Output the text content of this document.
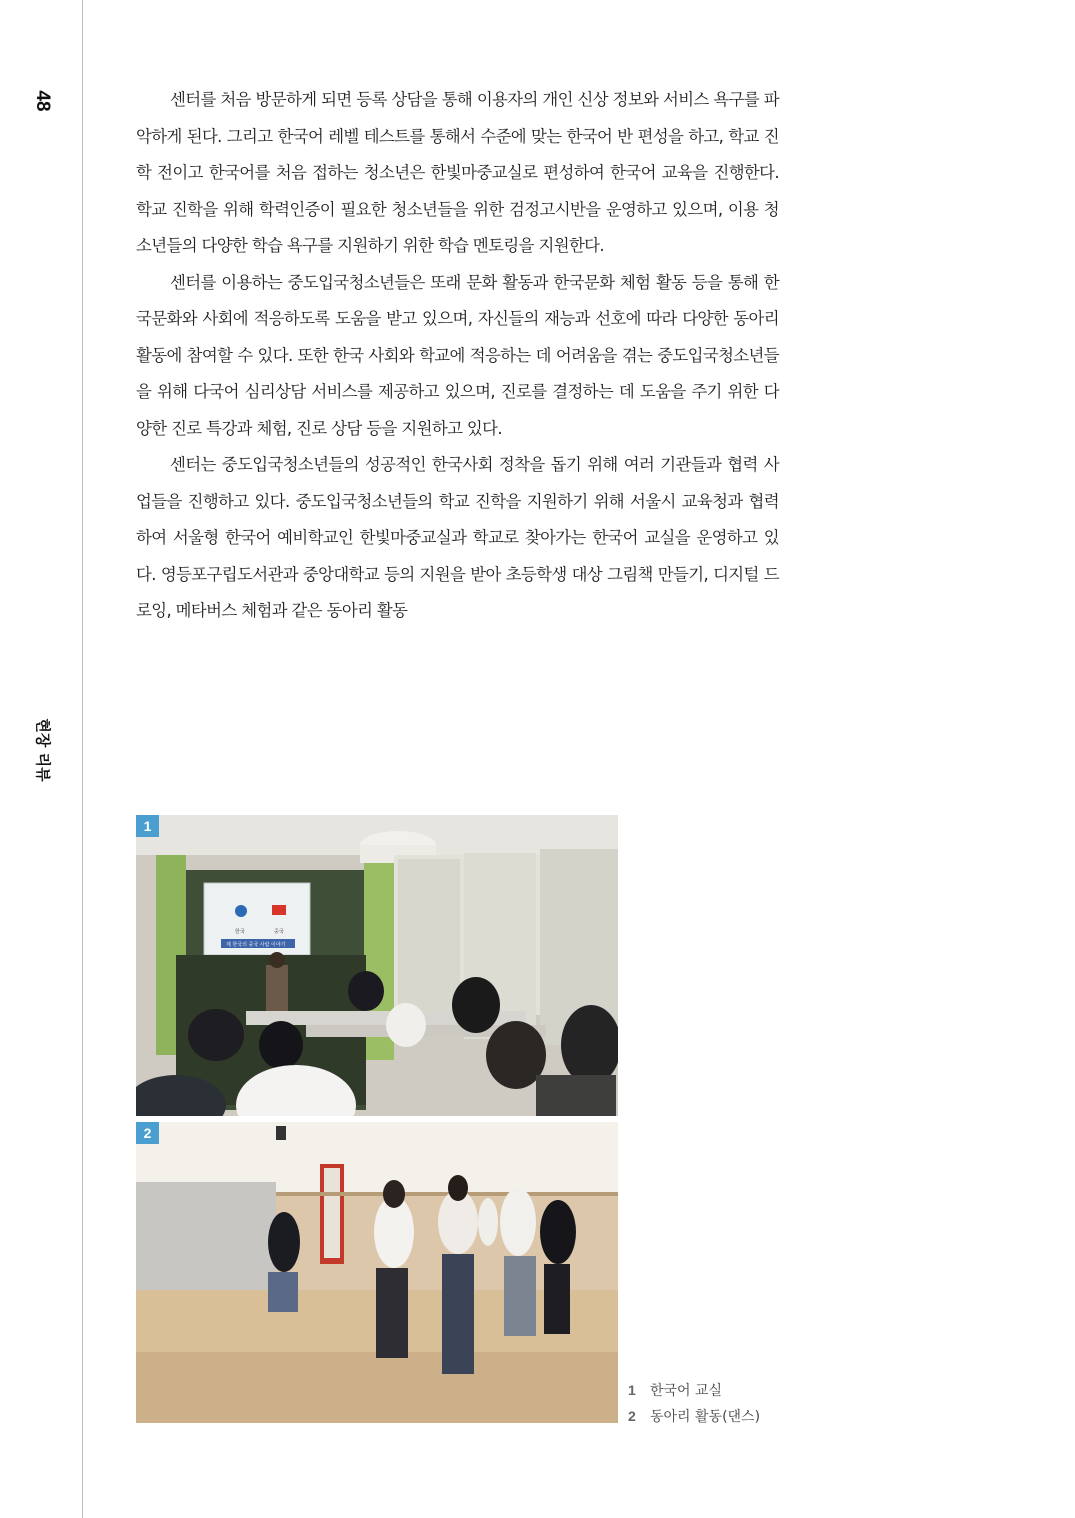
48
현장 리뷰

센터를 처음 방문하게 되면 등록 상담을 통해 이용자의 개인 신상 정보와 서비스 욕구를 파악하게 된다. 그리고 한국어 레벨 테스트를 통해서 수준에 맞는 한국어 반 편성을 하고, 학교 진학 전이고 한국어를 처음 접하는 청소년은 한빛마중교실로 편성하여 한국어 교육을 진행한다. 학교 진학을 위해 학력인증이 필요한 청소년들을 위한 검정고시반을 운영하고 있으며, 이용 청소년들의 다양한 학습 욕구를 지원하기 위한 학습 멘토링을 지원한다.

센터를 이용하는 중도입국청소년들은 또래 문화 활동과 한국문화 체험 활동 등을 통해 한국문화와 사회에 적응하도록 도움을 받고 있으며, 자신들의 재능과 선호에 따라 다양한 동아리 활동에 참여할 수 있다. 또한 한국 사회와 학교에 적응하는 데 어려움을 겪는 중도입국청소년들을 위해 다국어 심리상담 서비스를 제공하고 있으며, 진로를 결정하는 데 도움을 주기 위한 다양한 진로 특강과 체험, 진로 상담 등을 지원하고 있다.

센터는 중도입국청소년들의 성공적인 한국사회 정착을 돕기 위해 여러 기관들과 협력 사업들을 진행하고 있다. 중도입국청소년들의 학교 진학을 지원하기 위해 서울시 교육청과 협력하여 서울형 한국어 예비학교인 한빛마중교실과 학교로 찾아가는 한국어 교실을 운영하고 있다. 영등포구립도서관과 중앙대학교 등의 지원을 받아 초등학생 대상 그림책 만들기, 디지털 드로잉, 메타버스 체험과 같은 동아리 활동

한국	중국
제 한국의 중국 사람 이야기
1
2
1 한국어 교실
2 동아리 활동(댄스)
